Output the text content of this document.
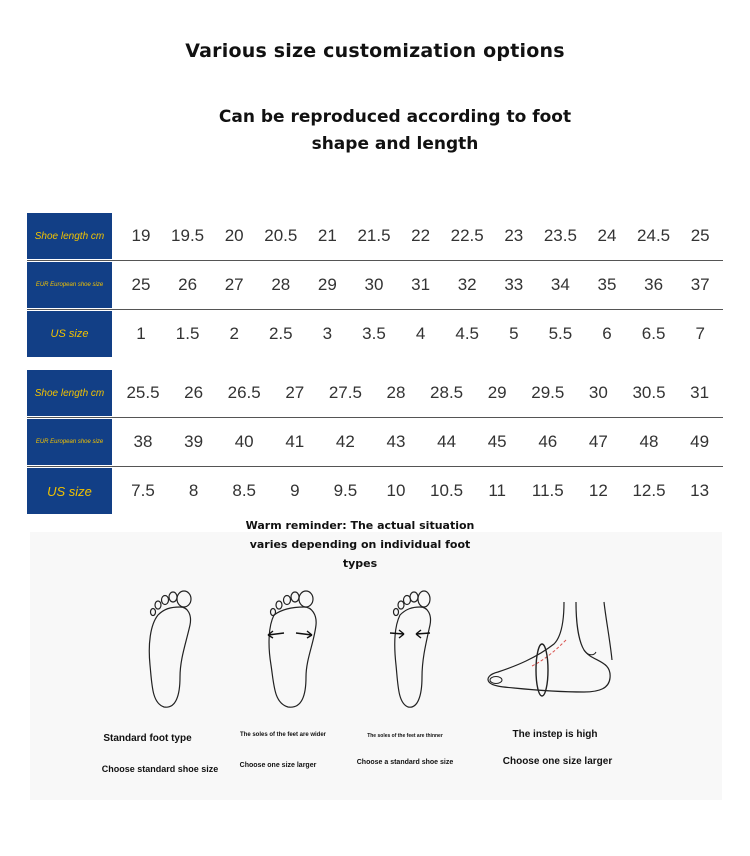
Various size customization options
Can be reproduced according to foot shape and length
Shoe length cm	19	19.5	20	20.5	21	21.5	22	22.5	23	23.5	24	24.5	25
EUR European shoe size	25	26	27	28	29	30	31	32	33	34	35	36	37
US size	1	1.5	2	2.5	3	3.5	4	4.5	5	5.5	6	6.5	7
Shoe length cm	25.5	26	26.5	27	27.5	28	28.5	29	29.5	30	30.5	31
EUR European shoe size	38	39	40	41	42	43	44	45	46	47	48	49
US size	7.5	8	8.5	9	9.5	10	10.5	11	11.5	12	12.5	13
Warm reminder: The actual situation
varies depending on individual foot types
Standard foot type
Choose standard shoe size
The soles of the feet are wider
Choose one size larger
The soles of the feet are thinner
Choose a standard shoe size
The instep is high
Choose one size larger
